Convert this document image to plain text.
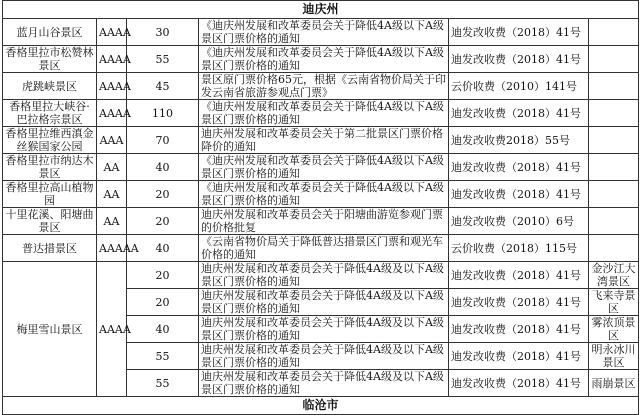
迪庆州					
蓝月山谷景区	AAAA	30	《迪庆州发展和改革委员会关于降低4A级以下A级景区门票价格的通知	迪发改收费（2018）41号	
香格里拉市松赞林景区	AAAA	55	《迪庆州发展和改革委员会关于降低4A级以下A级景区门票价格的通知	迪发改收费（2018）41号	
虎跳峡景区	AAAA	45	景区原门票价格65元，根据《云南省物价局关于印发云南省旅游参观点门票》	云价收费（2010）141号	
香格里拉大峡谷·巴拉格宗景区	AAAA	110	《迪庆州发展和改革委员会关于降低4A级以下A级景区门票价格的通知	迪发改收费（2018）41号	
香格里拉维西滇金丝猴国家公园	AAA	70	迪庆州发展和改革委员会关于第二批景区门票价格降价的通知	迪发改收费2018）55号	
香格里拉市纳达木景区	AA	40	《迪庆州发展和改革委员会关于降低4A级以下A级景区门票价格的通知	迪发改收费（2018）41号	
香格里拉高山植物园	AA	20	《迪庆州发展和改革委员会关于降低4A级以下A级景区门票价格的通知	迪发改收费（2018）41号	
十里花溪、阳塘曲景区	AA	20	迪庆州发展和改革委员会关于阳塘曲游览参观门票的价格批复	迪发改收费（2010）6号	
普达措景区	AAAAA	40	《云南省物价局关于降低普达措景区门票和观光车价格的通知	云价收费（2018）115号	
梅里雪山景区	AAAA	20	迪庆州发展和改革委员会关于降低4A级及以下A级景区门票价格的通知	迪发改收费（2018）41号	金沙江大湾景区
		20	迪庆州发展和改革委员会关于降低4A级及以下A级景区门票价格的通知	迪发改收费（2018）41号	飞来寺景区
		40	迪庆州发展和改革委员会关于降低4A级及以下A级景区门票价格的通知	迪发改收费（2018）41号	雾浓顶景区
		55	迪庆州发展和改革委员会关于降低4A级及以下A级景区门票价格的通知	迪发改收费（2018）41号	明永冰川景区
		55	迪庆州发展和改革委员会关于降低4A级及以下A级景区门票价格的通知	迪发改收费（2018）41号	雨崩景区
临沧市					
